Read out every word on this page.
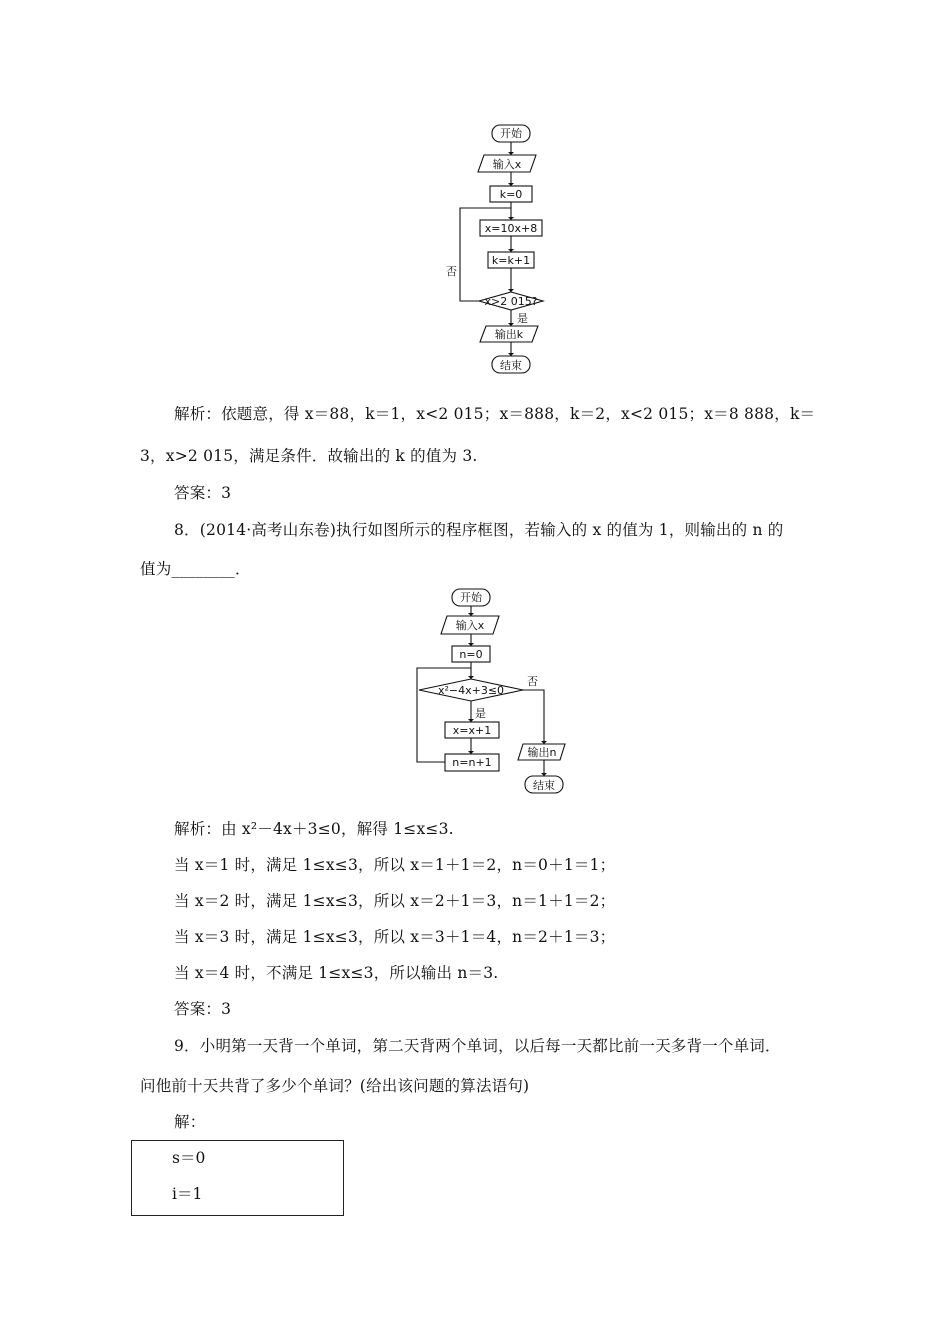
开始
输入x
k=0
x=10x+8
k=k+1
x>2 015?
否
是
输出k
结束
解析：依题意，得 x＝88，k＝1，x<2 015；x＝888，k＝2，x<2 015；x＝8 888，k＝
3，x>2 015，满足条件．故输出的 k 的值为 3.
答案：3
8．(2014·高考山东卷)执行如图所示的程序框图，若输入的 x 的值为 1，则输出的 n 的
值为________．
开始
输入x
n=0
x²−4x+3≤0
否
是
x=x+1
n=n+1
输出n
结束
解析：由 x²－4x＋3≤0，解得 1≤x≤3.
当 x＝1 时，满足 1≤x≤3，所以 x＝1＋1＝2，n＝0＋1＝1；
当 x＝2 时，满足 1≤x≤3，所以 x＝2＋1＝3，n＝1＋1＝2；
当 x＝3 时，满足 1≤x≤3，所以 x＝3＋1＝4，n＝2＋1＝3；
当 x＝4 时，不满足 1≤x≤3，所以输出 n＝3.
答案：3
9．小明第一天背一个单词，第二天背两个单词，以后每一天都比前一天多背一个单词．
问他前十天共背了多少个单词？(给出该问题的算法语句)
解：
s＝0
i＝1
